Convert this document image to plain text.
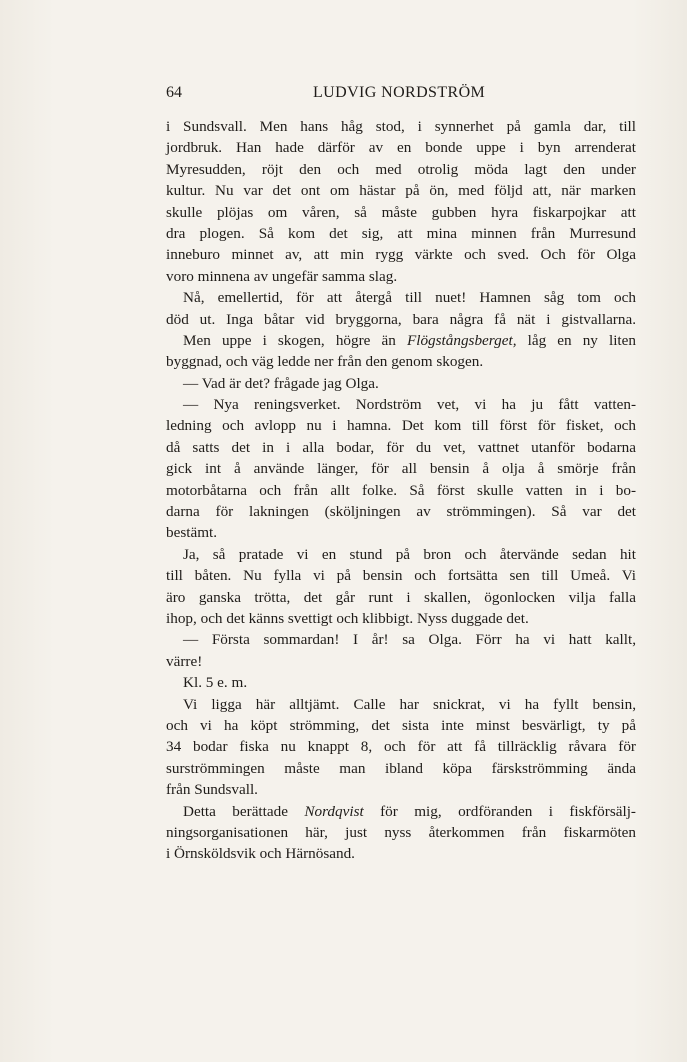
64	LUDVIG NORDSTRÖM
i Sundsvall. Men hans håg stod, i synnerhet på gamla dar, till
jordbruk. Han hade därför av en bonde uppe i byn arrenderat
Myresudden, röjt den och med otrolig möda lagt den under
kultur. Nu var det ont om hästar på ön, med följd att, när marken
skulle plöjas om våren, så måste gubben hyra fiskarpojkar att
dra plogen. Så kom det sig, att mina minnen från Murresund
inneburo minnet av, att min rygg värkte och sved. Och för Olga
voro minnena av ungefär samma slag.
Nå, emellertid, för att återgå till nuet! Hamnen såg tom och
död ut. Inga båtar vid bryggorna, bara några få nät i gistvallarna.
Men uppe i skogen, högre än Flögstångsberget, låg en ny liten
byggnad, och väg ledde ner från den genom skogen.
— Vad är det? frågade jag Olga.
— Nya reningsverket. Nordström vet, vi ha ju fått vatten-
ledning och avlopp nu i hamna. Det kom till först för fisket, och
då satts det in i alla bodar, för du vet, vattnet utanför bodarna
gick int å använde länger, för all bensin å olja å smörje från
motorbåtarna och från allt folke. Så först skulle vatten in i bo-
darna för lakningen (sköljningen av strömmingen). Så var det
bestämt.
Ja, så pratade vi en stund på bron och återvände sedan hit
till båten. Nu fylla vi på bensin och fortsätta sen till Umeå. Vi
äro ganska trötta, det går runt i skallen, ögonlocken vilja falla
ihop, och det känns svettigt och klibbigt. Nyss duggade det.
— Första sommardan! I år! sa Olga. Förr ha vi hatt kallt,
värre!
Kl. 5 e. m.
Vi ligga här alltjämt. Calle har snickrat, vi ha fyllt bensin,
och vi ha köpt strömming, det sista inte minst besvärligt, ty på
34 bodar fiska nu knappt 8, och för att få tillräcklig råvara för
surströmmingen måste man ibland köpa färskströmming ända
från Sundsvall.
Detta berättade Nordqvist för mig, ordföranden i fiskförsälj-
ningsorganisationen här, just nyss återkommen från fiskarmöten
i Örnsköldsvik och Härnösand.
